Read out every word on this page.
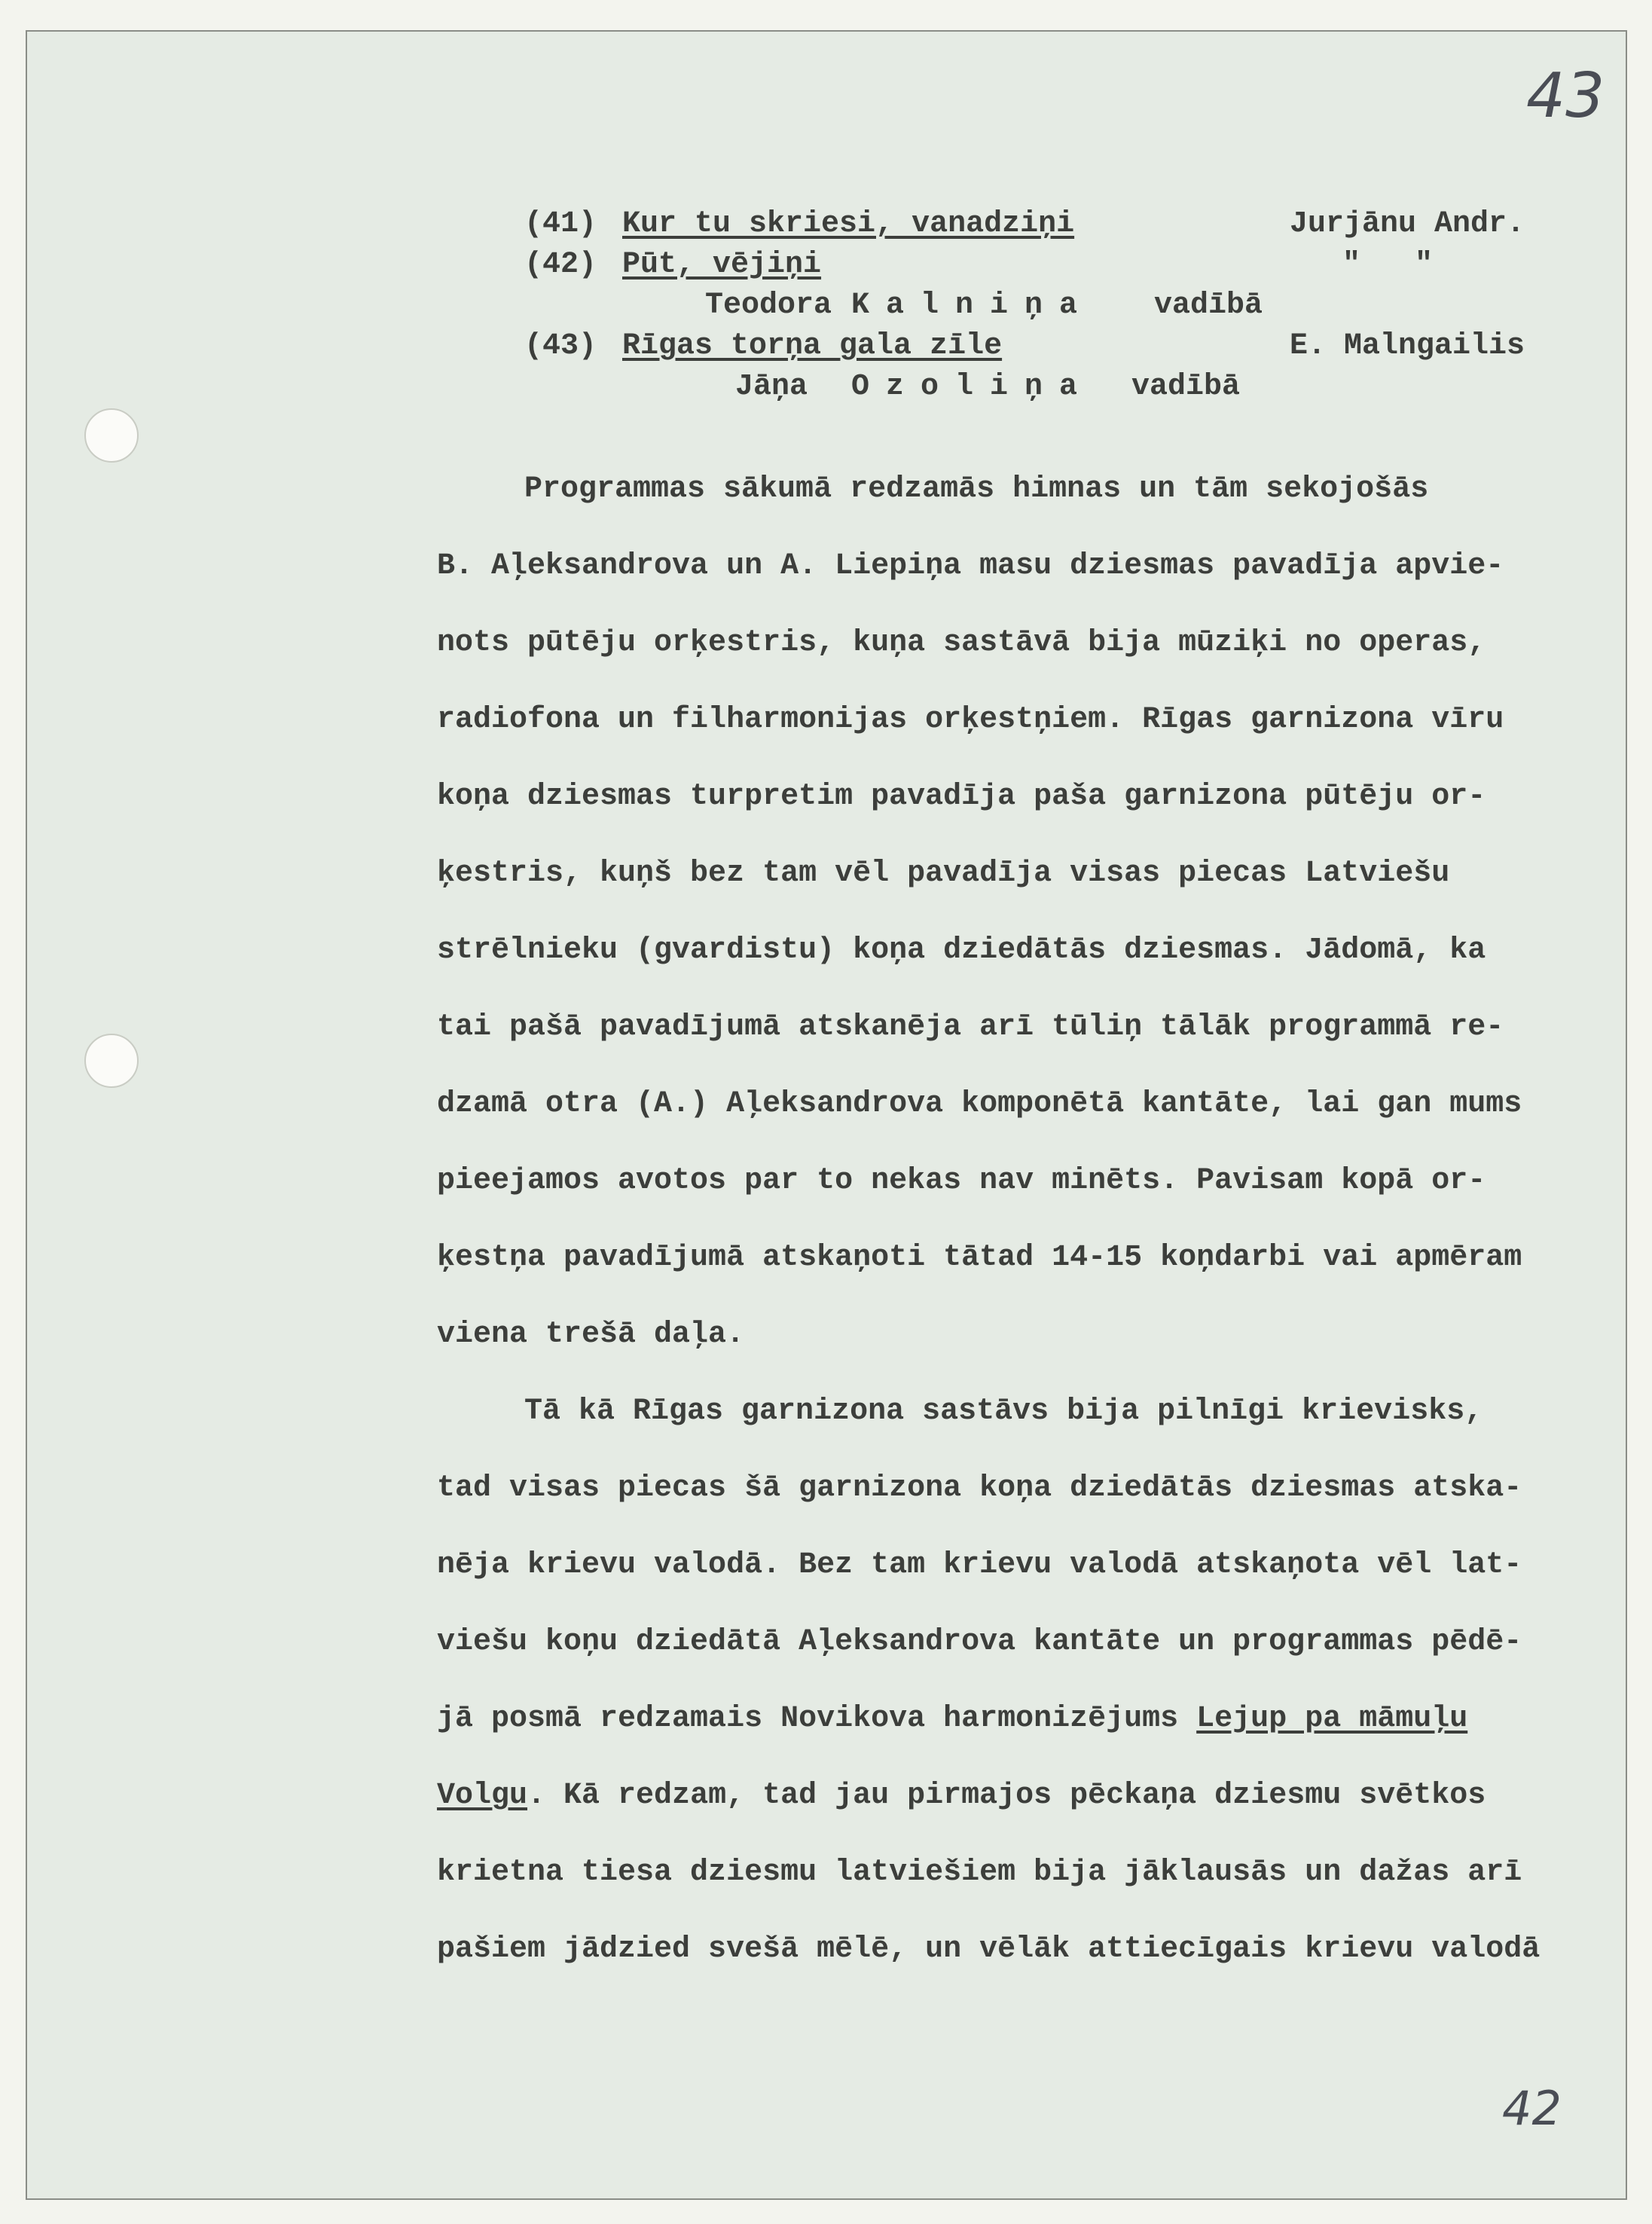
43
42
(41) Kur tu skriesi, vanadziņi	Jurjānu Andr.
(42) Pūt, vējiņi	"   "
Teodora Kalniņa vadībā
(43) Rīgas torņa gala zīle	E. Malngailis
Jāņa Ozoliņa vadībā
Programmas sākumā redzamās himnas un tām sekojošās
B. Aļeksandrova un A. Liepiņa masu dziesmas pavadīja apvie-
nots pūtēju orķestris, kuņa sastāvā bija mūziķi no operas,
radiofona un filharmonijas orķestņiem. Rīgas garnizona vīru
koņa dziesmas turpretim pavadīja paša garnizona pūtēju or-
ķestris, kuņš bez tam vēl pavadīja visas piecas Latviešu
strēlnieku (gvardistu) koņa dziedātās dziesmas. Jādomā, ka
tai pašā pavadījumā atskanēja arī tūliņ tālāk programmā re-
dzamā otra (A.) Aļeksandrova komponētā kantāte, lai gan mums
pieejamos avotos par to nekas nav minēts. Pavisam kopā or-
ķestņa pavadījumā atskaņoti tātad 14-15 koņdarbi vai apmēram
viena trešā daļa.
Tā kā Rīgas garnizona sastāvs bija pilnīgi krievisks,
tad visas piecas šā garnizona koņa dziedātās dziesmas atska-
nēja krievu valodā. Bez tam krievu valodā atskaņota vēl lat-
viešu koņu dziedātā Aļeksandrova kantāte un programmas pēdē-
jā posmā redzamais Novikova harmonizējums Lejup pa māmuļu
Volgu. Kā redzam, tad jau pirmajos pēckaņa dziesmu svētkos
krietna tiesa dziesmu latviešiem bija jāklausās un dažas arī
pašiem jādzied svešā mēlē, un vēlāk attiecīgais krievu valodā
